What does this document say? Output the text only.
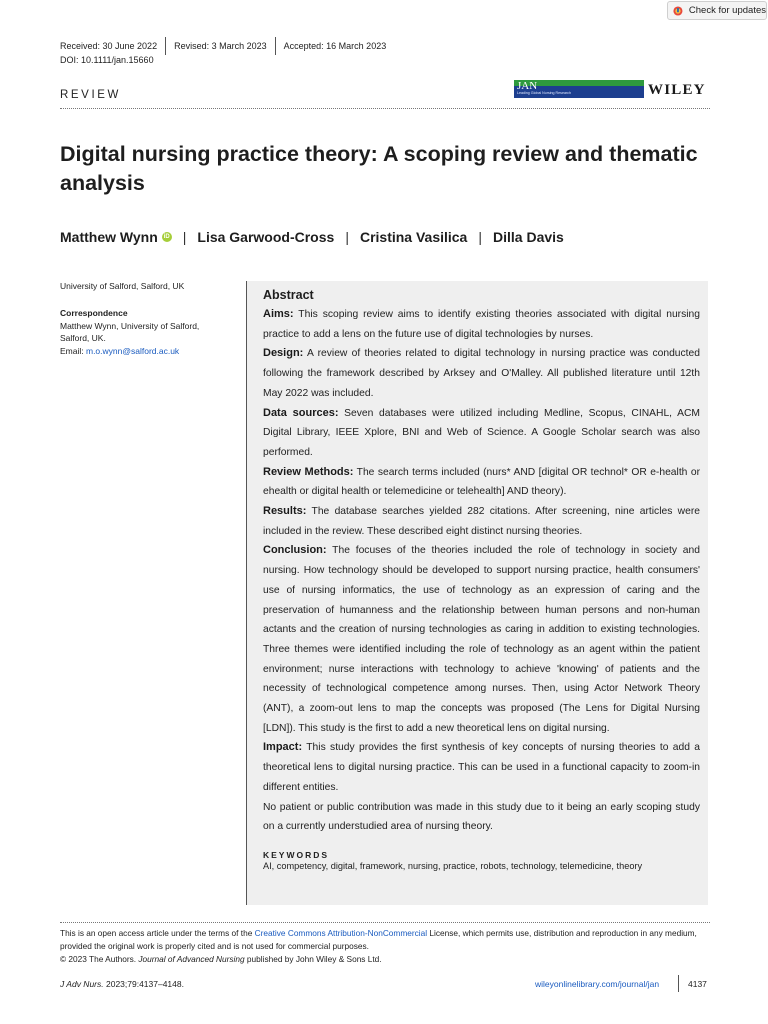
Check for updates
Received: 30 June 2022 Revised: 3 March 2023 Accepted: 16 March 2023
DOI: 10.1111/jan.15660
REVIEW
JAN
Leading Global Nursing Research	WILEY
Digital nursing practice theory: A scoping review and thematic analysis
Matthew Wynn	iD | Lisa Garwood-Cross | Cristina Vasilica | Dilla Davis
University of Salford, Salford, UK
Correspondence
Matthew Wynn, University of Salford,
Salford, UK.
Email: m.o.wynn@salford.ac.uk
Abstract
Aims: This scoping review aims to identify existing theories associated with digital nursing practice to add a lens on the future use of digital technologies by nurses.
Design: A review of theories related to digital technology in nursing practice was conducted following the framework described by Arksey and O'Malley. All published literature until 12th May 2022 was included.
Data sources: Seven databases were utilized including Medline, Scopus, CINAHL, ACM Digital Library, IEEE Xplore, BNI and Web of Science. A Google Scholar search was also performed.
Review Methods: The search terms included (nurs* AND [digital OR technol* OR e-health or ehealth or digital health or telemedicine or telehealth] AND theory).
Results: The database searches yielded 282 citations. After screening, nine articles were included in the review. These described eight distinct nursing theories.
Conclusion: The focuses of the theories included the role of technology in society and nursing. How technology should be developed to support nursing practice, health consumers' use of nursing informatics, the use of technology as an expression of caring and the preservation of humanness and the relationship between human persons and non-human actants and the creation of nursing technologies as caring in addition to existing technologies. Three themes were identified including the role of technology as an agent within the patient environment; nurse interactions with technology to achieve 'knowing' of patients and the necessity of technological competence among nurses. Then, using Actor Network Theory (ANT), a zoom-out lens to map the concepts was proposed (The Lens for Digital Nursing [LDN]). This study is the first to add a new theoretical lens on digital nursing.
Impact: This study provides the first synthesis of key concepts of nursing theories to add a theoretical lens to digital nursing practice. This can be used in a functional capacity to zoom-in different entities.
No patient or public contribution was made in this study due to it being an early scoping study on a currently understudied area of nursing theory.
KEYWORDS
AI, competency, digital, framework, nursing, practice, robots, technology, telemedicine, theory
This is an open access article under the terms of the Creative Commons Attribution-NonCommercial License, which permits use, distribution and reproduction in any medium, provided the original work is properly cited and is not used for commercial purposes.
© 2023 The Authors. Journal of Advanced Nursing published by John Wiley & Sons Ltd.
J Adv Nurs. 2023;79:4137–4148.	wileyonlinelibrary.com/journal/jan	4137
